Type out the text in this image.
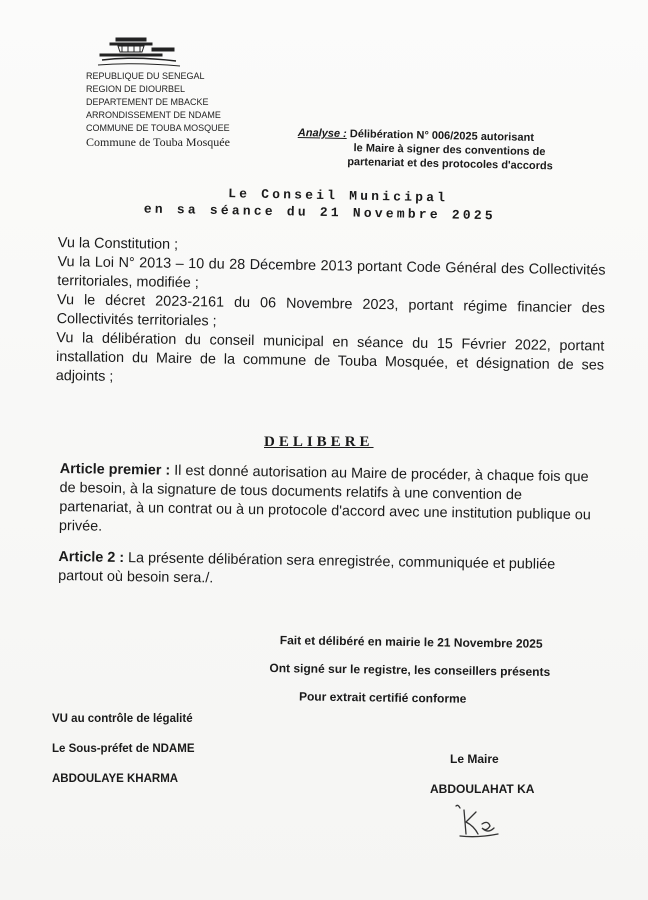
REPUBLIQUE DU SENEGAL
REGION DE DIOURBEL
DEPARTEMENT DE MBACKE
ARRONDISSEMENT DE NDAME
COMMUNE DE TOUBA MOSQUEE
Commune de Touba Mosquée
Analyse : Délibération N° 006/2025 autorisant
le Maire à signer des conventions de
partenariat et des protocoles d'accords
Le Conseil Municipal
en sa séance du 21 Novembre 2025

Vu la Constitution ;

Vu la Loi N° 2013 – 10 du 28 Décembre 2013 portant Code Général des Collectivités territoriales, modifiée ;

Vu le décret 2023-2161 du 06 Novembre 2023, portant régime financier des Collectivités territoriales ;

Vu la délibération du conseil municipal en séance du 15 Février 2022, portant installation du Maire de la commune de Touba Mosquée, et désignation de ses adjoints ;

DELIBERE

Article premier : Il est donné autorisation au Maire de procéder, à chaque fois que de besoin, à la signature de tous documents relatifs à une convention de partenariat, à un contrat ou à un protocole d'accord avec une institution publique ou privée.

Article 2 : La présente délibération sera enregistrée, communiquée et publiée partout où besoin sera./.

Fait et délibéré en mairie le 21 Novembre 2025
Ont signé sur le registre, les conseillers présents
Pour extrait certifié conforme
VU au contrôle de légalité
Le Sous-préfet de NDAME
ABDOULAYE KHARMA
Le Maire
ABDOULAHAT KA
